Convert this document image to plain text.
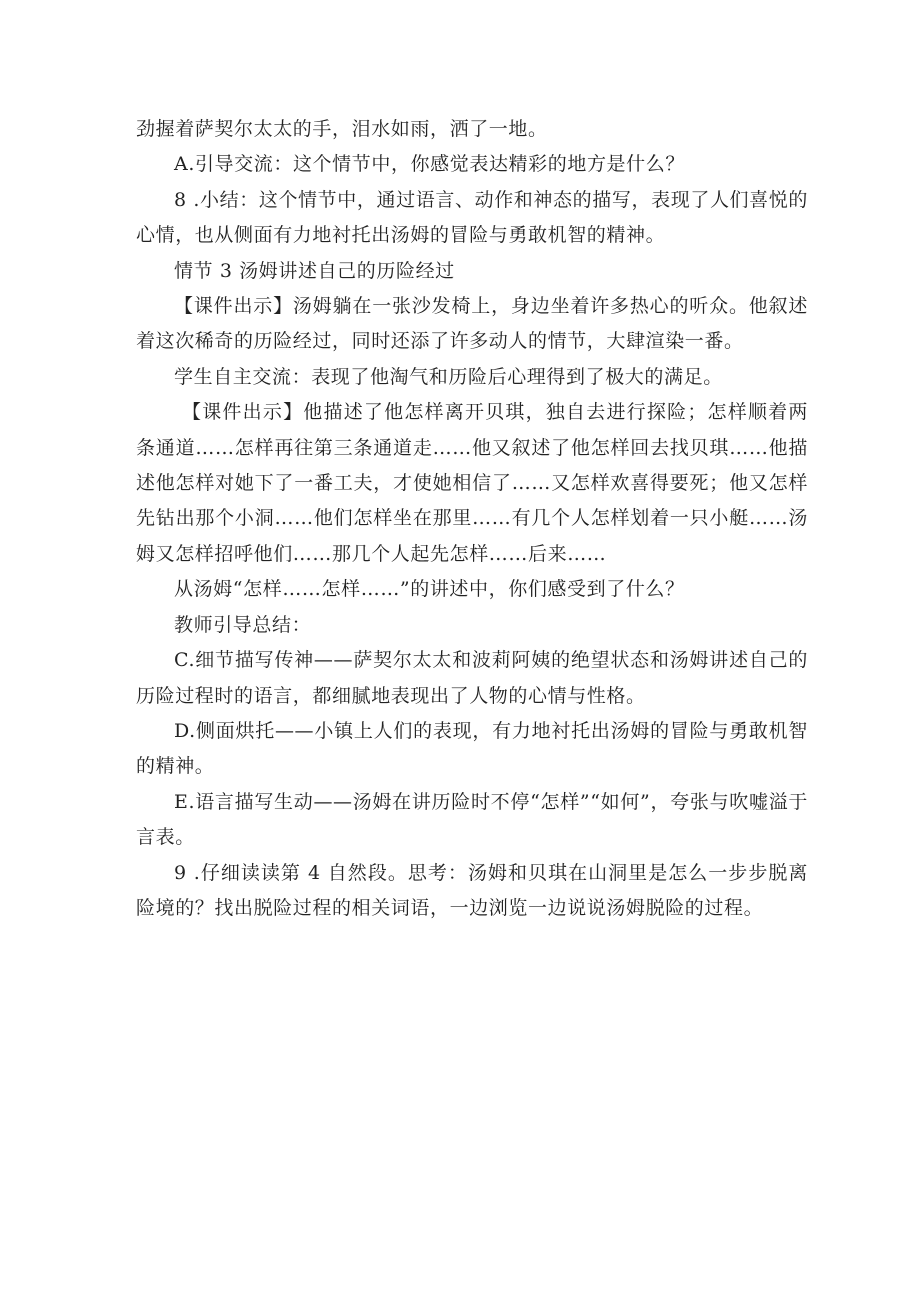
劲握着萨契尔太太的手，泪水如雨，洒了一地。

A.引导交流：这个情节中，你感觉表达精彩的地方是什么？

8 .小结：这个情节中，通过语言、动作和神态的描写，表现了人们喜悦的心情，也从侧面有力地衬托出汤姆的冒险与勇敢机智的精神。

情节 3 汤姆讲述自己的历险经过

【课件出示】汤姆躺在一张沙发椅上，身边坐着许多热心的听众。他叙述着这次稀奇的历险经过，同时还添了许多动人的情节，大肆渲染一番。

学生自主交流：表现了他淘气和历险后心理得到了极大的满足。

【课件出示】他描述了他怎样离开贝琪，独自去进行探险；怎样顺着两条通道……怎样再往第三条通道走……他又叙述了他怎样回去找贝琪……他描述他怎样对她下了一番工夫，才使她相信了……又怎样欢喜得要死；他又怎样先钻出那个小洞……他们怎样坐在那里……有几个人怎样划着一只小艇……汤姆又怎样招呼他们……那几个人起先怎样……后来……

从汤姆“怎样……怎样……”的讲述中，你们感受到了什么？

教师引导总结：

C.细节描写传神——萨契尔太太和波莉阿姨的绝望状态和汤姆讲述自己的历险过程时的语言，都细腻地表现出了人物的心情与性格。

D.侧面烘托——小镇上人们的表现，有力地衬托出汤姆的冒险与勇敢机智的精神。

E.语言描写生动——汤姆在讲历险时不停“怎样”“如何”，夸张与吹嘘溢于言表。

9 .仔细读读第 4 自然段。思考：汤姆和贝琪在山洞里是怎么一步步脱离险境的？找出脱险过程的相关词语，一边浏览一边说说汤姆脱险的过程。
